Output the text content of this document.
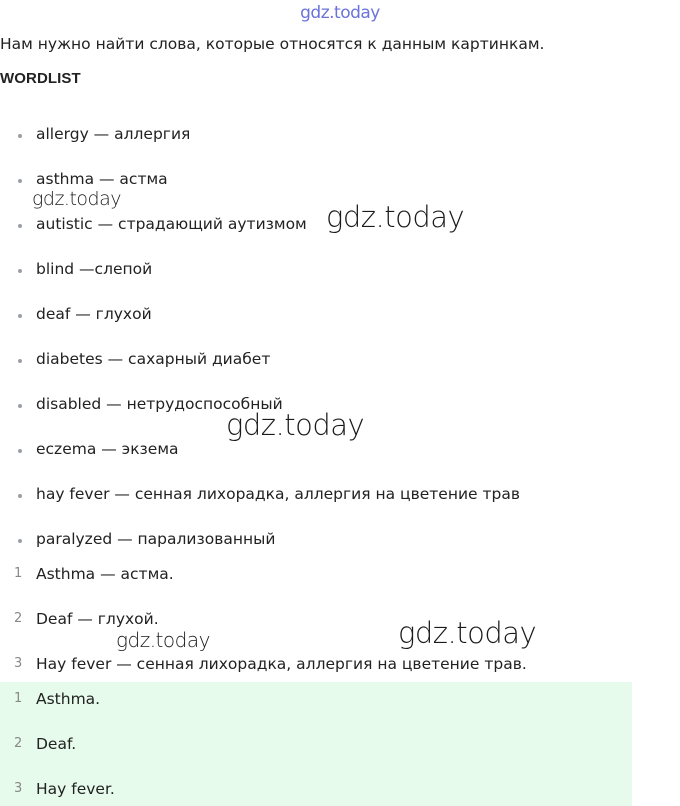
gdz.today
Нам нужно найти слова, которые относятся к данным картинкам.
WORDLIST
allergy — аллергия
asthma — астма
autistic — страдающий аутизмом
blind —слепой
deaf — глухой
diabetes — сахарный диабет
disabled — нетрудоспособный
eczema — экзема
hay fever — сенная лихорадка, аллергия на цветение трав
paralyzed — парализованный
1 Asthma — астма.
2 Deaf — глухой.
3 Hay fever — сенная лихорадка, аллергия на цветение трав.
1 Asthma.
2 Deaf.
3 Hay fever.
gdz.today
gdz.today
gdz.today
gdz.today	gdz.today
